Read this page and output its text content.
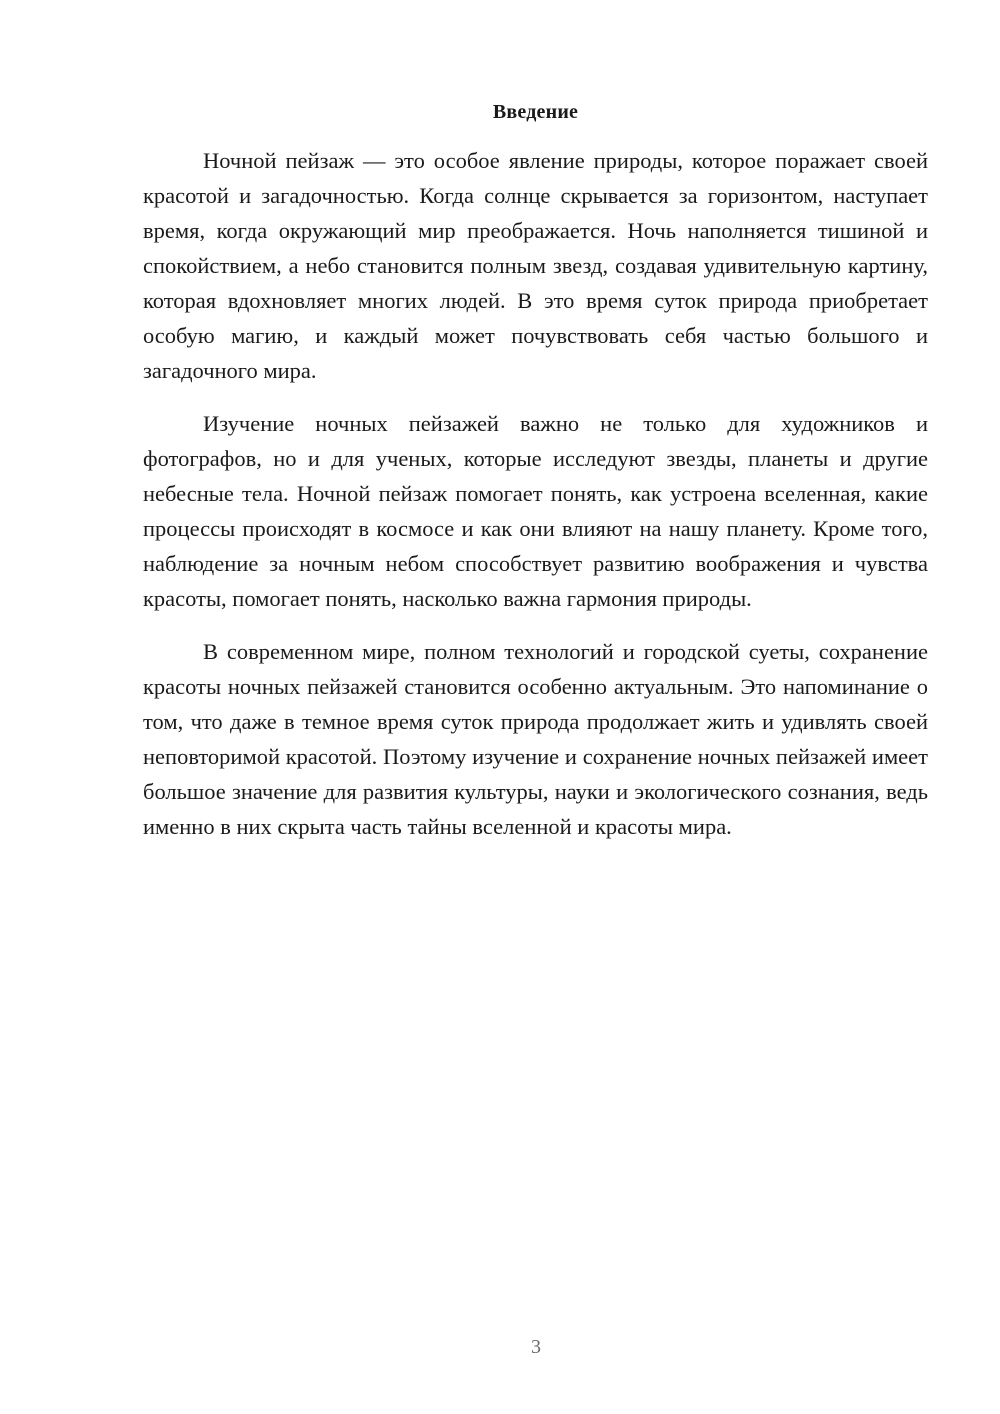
Введение

Ночной пейзаж — это особое явление природы, которое поражает своей красотой и загадочностью. Когда солнце скрывается за горизонтом, наступает время, когда окружающий мир преображается. Ночь наполняется тишиной и спокойствием, а небо становится полным звезд, создавая удивительную картину, которая вдохновляет многих людей. В это время суток природа приобретает особую магию, и каждый может почувствовать себя частью большого и загадочного мира.

Изучение ночных пейзажей важно не только для художников и фотографов, но и для ученых, которые исследуют звезды, планеты и другие небесные тела. Ночной пейзаж помогает понять, как устроена вселенная, какие процессы происходят в космосе и как они влияют на нашу планету. Кроме того, наблюдение за ночным небом способствует развитию воображения и чувства красоты, помогает понять, насколько важна гармония природы.

В современном мире, полном технологий и городской суеты, сохранение красоты ночных пейзажей становится особенно актуальным. Это напоминание о том, что даже в темное время суток природа продолжает жить и удивлять своей неповторимой красотой. Поэтому изучение и сохранение ночных пейзажей имеет большое значение для развития культуры, науки и экологического сознания, ведь именно в них скрыта часть тайны вселенной и красоты мира.

3
